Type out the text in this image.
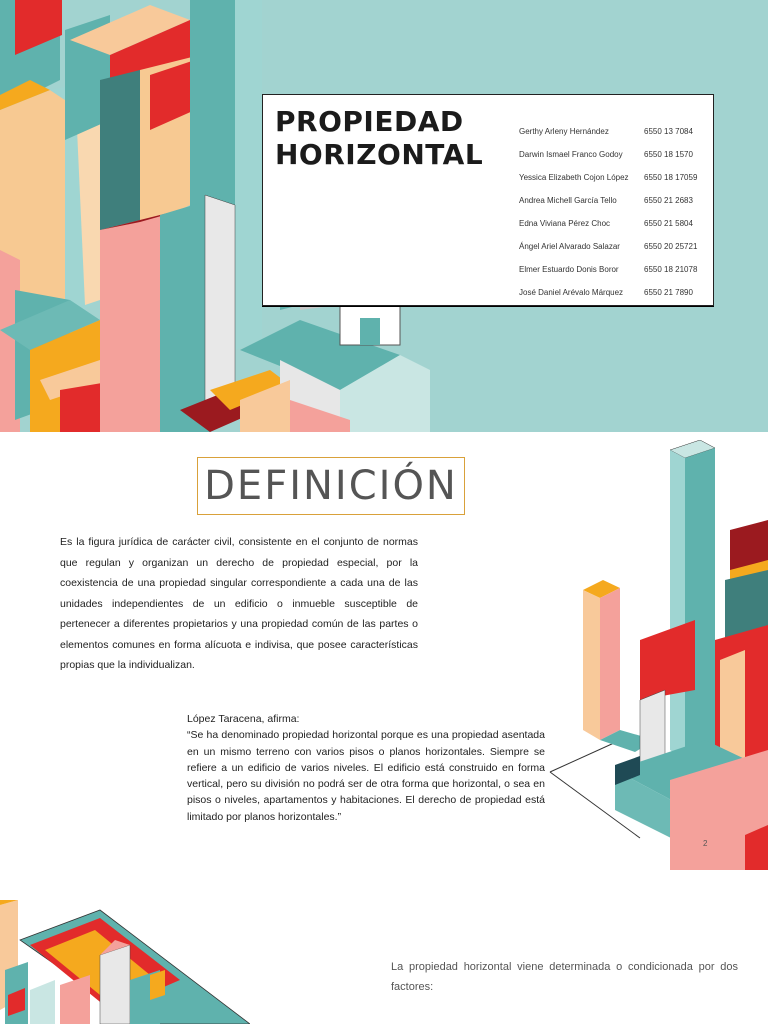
PROPIEDAD HORIZONTAL
Gerthy Arleny Hernández	6550 13 7084
Darwin Ismael Franco Godoy	6550 18 1570
Yessica Elizabeth Cojon López 6550 18 17059
Andrea Michell García Tello	6550 21 2683
Edna Viviana Pérez Choc	6550 21 5804
Ángel Ariel Alvarado Salazar	6550 20 25721
Elmer Estuardo Donis Boror	6550 18 21078
José Daniel Arévalo Márquez	6550 21 7890
DEFINICIÓN

Es la figura jurídica de carácter civil, consistente en el conjunto de normas que regulan y organizan un derecho de propiedad especial, por la coexistencia de una propiedad singular correspondiente a cada una de las unidades independientes de un edificio o inmueble susceptible de pertenecer a diferentes propietarios y una propiedad común de las partes o elementos comunes en forma alícuota e indivisa, que posee características propias que la individualizan.

López Taracena, afirma:

“Se ha denominado propiedad horizontal porque es una propiedad asentada en un mismo terreno con varios pisos o planos horizontales. Siempre se refiere a un edificio de varios niveles. El edificio está construido en forma vertical, pero su división no podrá ser de otra forma que horizontal, o sea en pisos o niveles, apartamentos y habitaciones. El derecho de propiedad está limitado por planos horizontales.”

2

La propiedad horizontal viene determinada o condicionada por dos factores:
